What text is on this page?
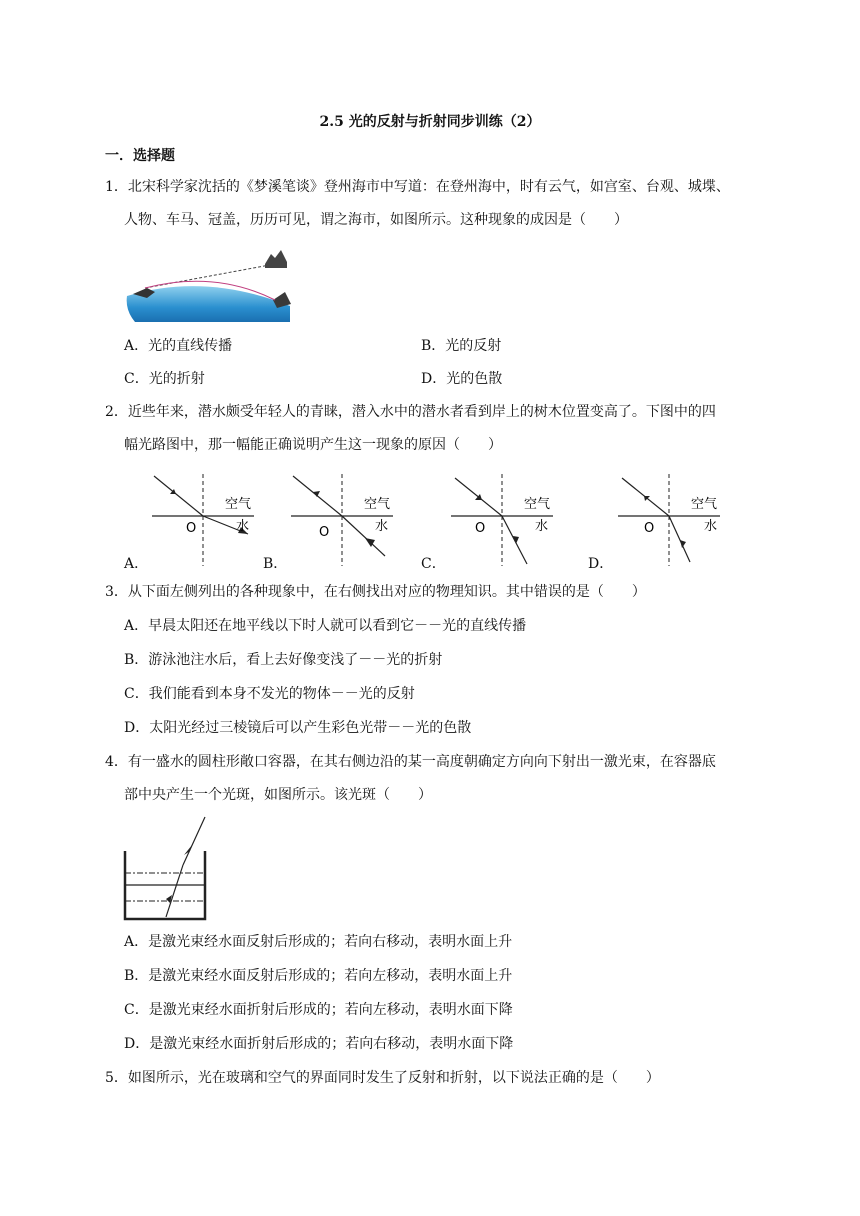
2.5 光的反射与折射同步训练（2）
一．选择题
1．北宋科学家沈括的《梦溪笔谈》登州海市中写道：在登州海中，时有云气，如宫室、台观、城堞、
人物、车马、冠盖，历历可见，谓之海市，如图所示。这种现象的成因是（　　）
A．光的直线传播	B．光的反射
C．光的折射	D．光的色散
2．近些年来，潜水颇受年轻人的青睐，潜入水中的潜水者看到岸上的树木位置变高了。下图中的四
幅光路图中，那一幅能正确说明产生这一现象的原因（　　）
O
空气
水
A．
O
空气
水
B．
O
空气
水
C．
O
空气
水
D．
3．从下面左侧列出的各种现象中，在右侧找出对应的物理知识。其中错误的是（　　）
A．早晨太阳还在地平线以下时人就可以看到它－－光的直线传播
B．游泳池注水后，看上去好像变浅了－－光的折射
C．我们能看到本身不发光的物体－－光的反射
D．太阳光经过三棱镜后可以产生彩色光带－－光的色散
4．有一盛水的圆柱形敞口容器，在其右侧边沿的某一高度朝确定方向向下射出一激光束，在容器底
部中央产生一个光斑，如图所示。该光斑（　　）
A．是激光束经水面反射后形成的；若向右移动，表明水面上升
B．是激光束经水面反射后形成的；若向左移动，表明水面上升
C．是激光束经水面折射后形成的；若向左移动，表明水面下降
D．是激光束经水面折射后形成的；若向右移动，表明水面下降
5．如图所示，光在玻璃和空气的界面同时发生了反射和折射，以下说法正确的是（　　）
